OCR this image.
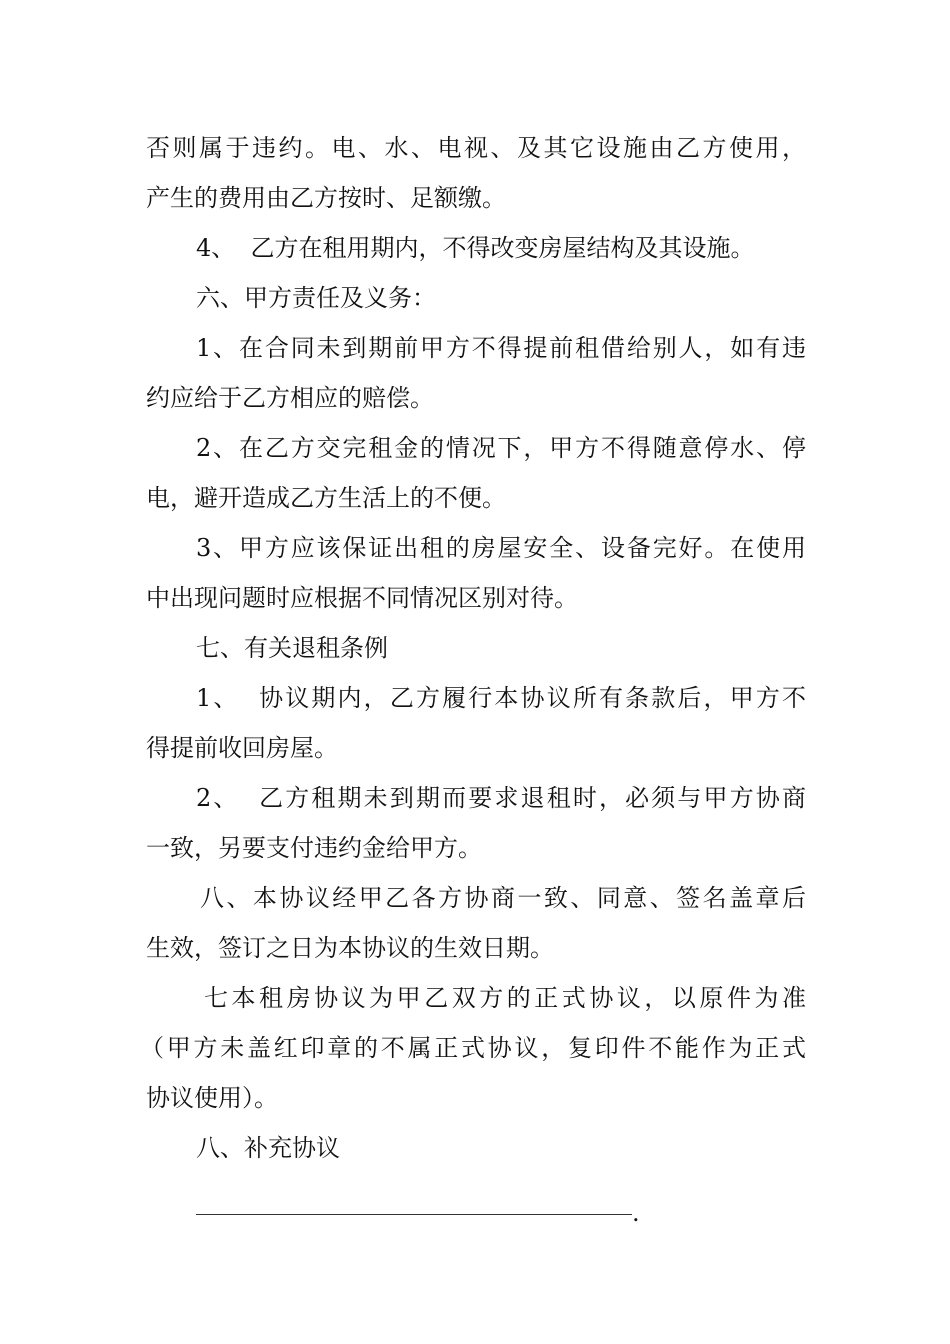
否则属于违约。电、水、电视、及其它设施由乙方使用，
产生的费用由乙方按时、足额缴。
4、  乙方在租用期内，不得改变房屋结构及其设施。
六、甲方责任及义务：
1、在合同未到期前甲方不得提前租借给别人，如有违
约应给于乙方相应的赔偿。
2、在乙方交完租金的情况下，甲方不得随意停水、停
电，避开造成乙方生活上的不便。
3、甲方应该保证出租的房屋安全、设备完好。在使用
中出现问题时应根据不同情况区别对待。
七、有关退租条例
1、  协议期内，乙方履行本协议所有条款后，甲方不
得提前收回房屋。
2、  乙方租期未到期而要求退租时，必须与甲方协商
一致，另要支付违约金给甲方。
八、本协议经甲乙各方协商一致、同意、签名盖章后
生效，签订之日为本协议的生效日期。
七本租房协议为甲乙双方的正式协议，以原件为准
（甲方未盖红印章的不属正式协议，复印件不能作为正式
协议使用）。
八、补充协议
.
